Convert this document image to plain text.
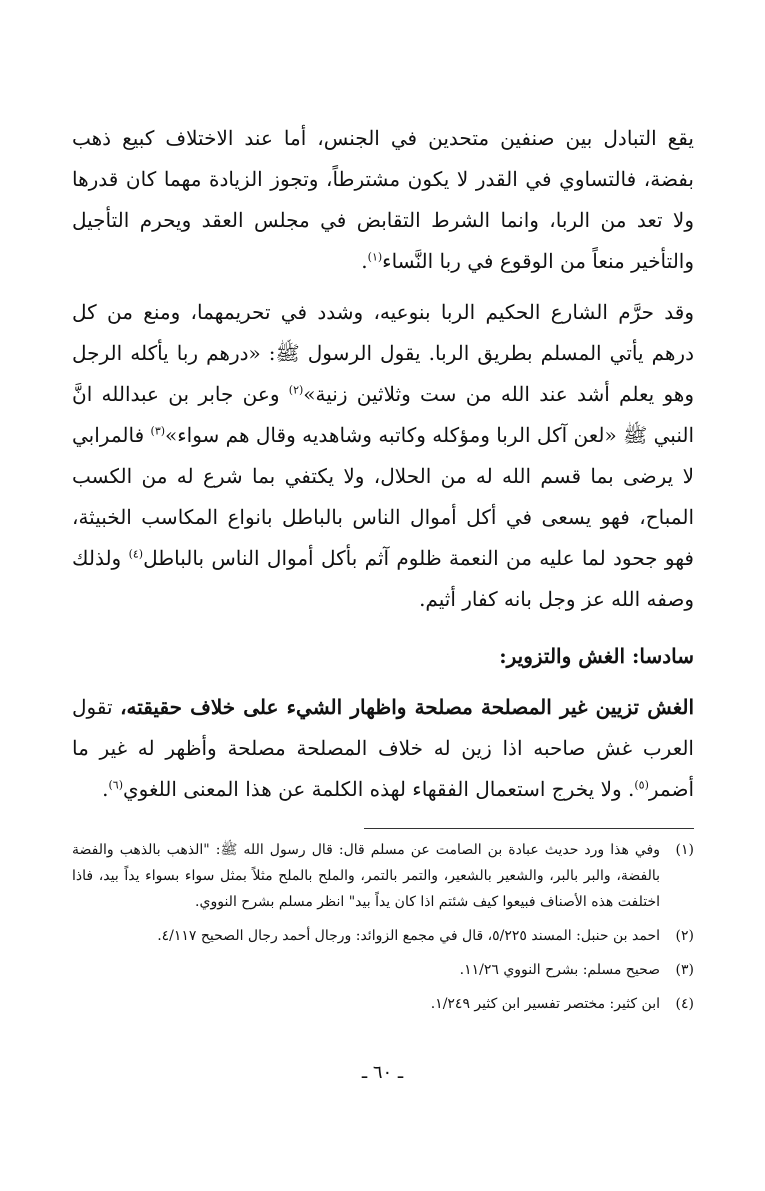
يقع التبادل بين صنفين متحدين في الجنس، أما عند الاختلاف كبيع ذهب بفضة، فالتساوي في القدر لا يكون مشترطاً، وتجوز الزيادة مهما كان قدرها ولا تعد من الربا، وانما الشرط التقابض في مجلس العقد ويحرم التأجيل والتأخير منعاً من الوقوع في ربا النَّساء$^{(١)}$.

وقد حرَّم الشارع الحكيم الربا بنوعيه، وشدد في تحريمهما، ومنع من كل درهم يأتي المسلم بطريق الربا. يقول الرسول ﷺ: «درهم ربا يأكله الرجل وهو يعلم أشد عند الله من ست وثلاثين زنية»$^{(٢)}$ وعن جابر بن عبدالله انَّ النبي ﷺ «لعن آكل الربا ومؤكله وكاتبه وشاهديه وقال هم سواء»$^{(٣)}$ فالمرابي لا يرضى بما قسم الله له من الحلال، ولا يكتفي بما شرع له من الكسب المباح، فهو يسعى في أكل أموال الناس بالباطل بانواع المكاسب الخبيثة، فهو جحود لما عليه من النعمة ظلوم آثم بأكل أموال الناس بالباطل$^{(٤)}$ ولذلك وصفه الله عز وجل بانه كفار أثيم.

سادسا: الغش والتزوير:

الغش تزيين غير المصلحة مصلحة واظهار الشيء على خلاف حقيقته، تقول العرب غش صاحبه اذا زين له خلاف المصلحة مصلحة وأظهر له غير ما أضمر$^{(٥)}$. ولا يخرج استعمال الفقهاء لهذه الكلمة عن هذا المعنى اللغوي$^{(٦)}$.

(١)
وفي هذا ورد حديث عبادة بن الصامت عن مسلم قال: قال رسول الله ﷺ: "الذهب بالذهب والفضة بالفضة، والبر بالبر، والشعير بالشعير، والتمر بالتمر، والملح بالملح مثلاً بمثل سواء بسواء يداً بيد، فاذا اختلفت هذه الأصناف فبيعوا كيف شئتم اذا كان يداً بيد" انظر مسلم بشرح النووي.
(٢)
احمد بن حنبل: المسند ٥/٢٢٥، قال في مجمع الزوائد: ورجال أحمد رجال الصحيح ٤/١١٧.
(٣)
صحيح مسلم: بشرح النووي ١١/٢٦.
(٤)
ابن كثير: مختصر تفسير ابن كثير ١/٢٤٩.
ـ ٦٠ ـ
